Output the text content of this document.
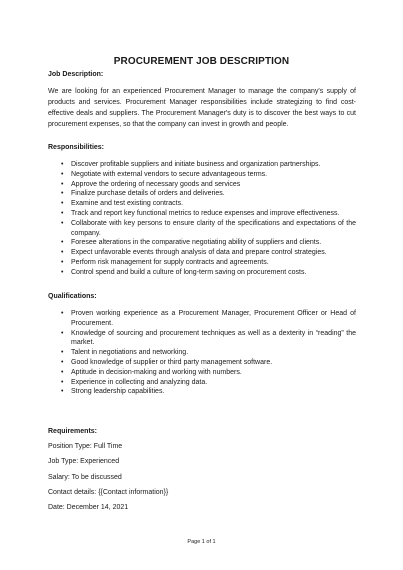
PROCUREMENT JOB DESCRIPTION
Job Description:
We are looking for an experienced Procurement Manager to manage the company's supply of products and services. Procurement Manager responsibilities include strategizing to find cost-effective deals and suppliers. The Procurement Manager's duty is to discover the best ways to cut procurement expenses, so that the company can invest in growth and people.
Responsibilities:
• Discover profitable suppliers and initiate business and organization partnerships.
• Negotiate with external vendors to secure advantageous terms.
• Approve the ordering of necessary goods and services
• Finalize purchase details of orders and deliveries.
• Examine and test existing contracts.
• Track and report key functional metrics to reduce expenses and improve effectiveness.
• Collaborate with key persons to ensure clarity of the specifications and expectations of the company.
• Foresee alterations in the comparative negotiating ability of suppliers and clients.
• Expect unfavorable events through analysis of data and prepare control strategies.
• Perform risk management for supply contracts and agreements.
• Control spend and build a culture of long-term saving on procurement costs.
Qualifications:
• Proven working experience as a Procurement Manager, Procurement Officer or Head of Procurement.
• Knowledge of sourcing and procurement techniques as well as a dexterity in “reading” the market.
• Talent in negotiations and networking.
• Good knowledge of supplier or third party management software.
• Aptitude in decision-making and working with numbers.
• Experience in collecting and analyzing data.
• Strong leadership capabilities.
Requirements:
Position Type: Full Time
Job Type: Experienced
Salary: To be discussed
Contact details: {{Contact information}}
Date: December 14, 2021
Page 1 of 1
